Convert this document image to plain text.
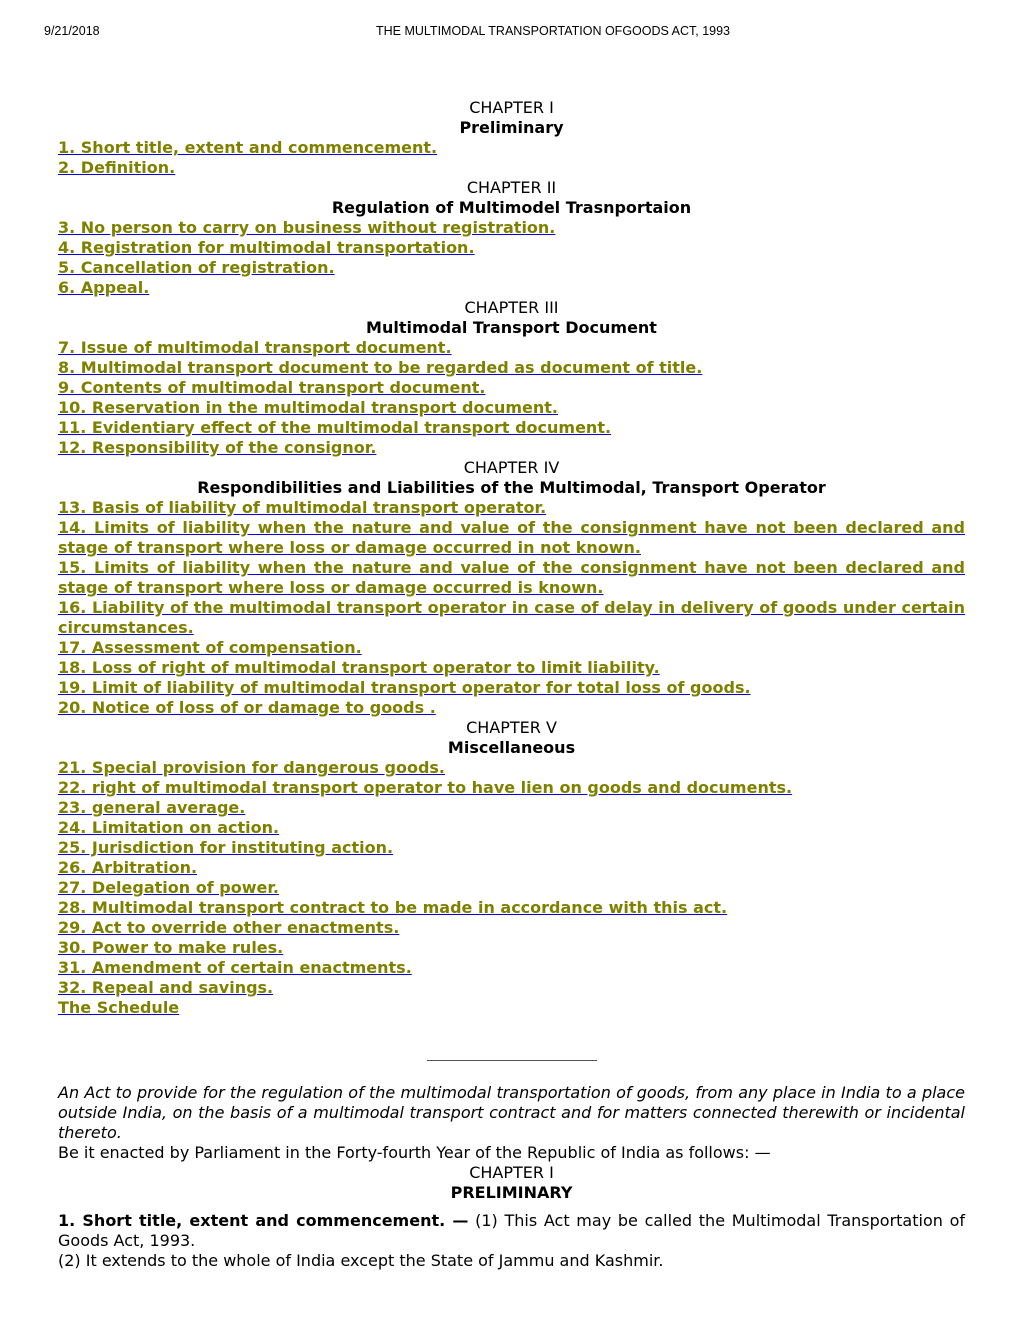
9/21/2018	THE MULTIMODAL TRANSPORTATION OFGOODS ACT, 1993
CHAPTER I
Preliminary
1. Short title, extent and commencement.
2. Definition.
CHAPTER II
Regulation of Multimodel Trasnportaion
3. No person to carry on business without registration.
4. Registration for multimodal transportation.
5. Cancellation of registration.
6. Appeal.
CHAPTER III
Multimodal Transport Document
7. Issue of multimodal transport document.
8. Multimodal transport document to be regarded as document of title.
9. Contents of multimodal transport document.
10. Reservation in the multimodal transport document.
11. Evidentiary effect of the multimodal transport document.
12. Responsibility of the consignor.
CHAPTER IV
Respondibilities and Liabilities of the Multimodal, Transport Operator
13. Basis of liability of multimodal transport operator.
14. Limits of liability when the nature and value of the consignment have not been declared and stage of transport where loss or damage occurred in not known.
15. Limits of liability when the nature and value of the consignment have not been declared and stage of transport where loss or damage occurred is known.
16. Liability of the multimodal transport operator in case of delay in delivery of goods under certain circumstances.
17. Assessment of compensation.
18. Loss of right of multimodal transport operator to limit liability.
19. Limit of liability of multimodal transport operator for total loss of goods.
20. Notice of loss of or damage to goods .
CHAPTER V
Miscellaneous
21. Special provision for dangerous goods.
22. right of multimodal transport operator to have lien on goods and documents.
23. general average.
24. Limitation on action.
25. Jurisdiction for instituting action.
26. Arbitration.
27. Delegation of power.
28. Multimodal transport contract to be made in accordance with this act.
29. Act to override other enactments.
30. Power to make rules.
31. Amendment of certain enactments.
32. Repeal and savings.
The Schedule
An Act to provide for the regulation of the multimodal transportation of goods, from any place in India to a place outside India, on the basis of a multimodal transport contract and for matters connected therewith or incidental thereto.
Be it enacted by Parliament in the Forty-fourth Year of the Republic of India as follows: —
CHAPTER I
PRELIMINARY
1. Short title, extent and commencement. — (1) This Act may be called the Multimodal Transportation of Goods Act, 1993.
(2) It extends to the whole of India except the State of Jammu and Kashmir.
